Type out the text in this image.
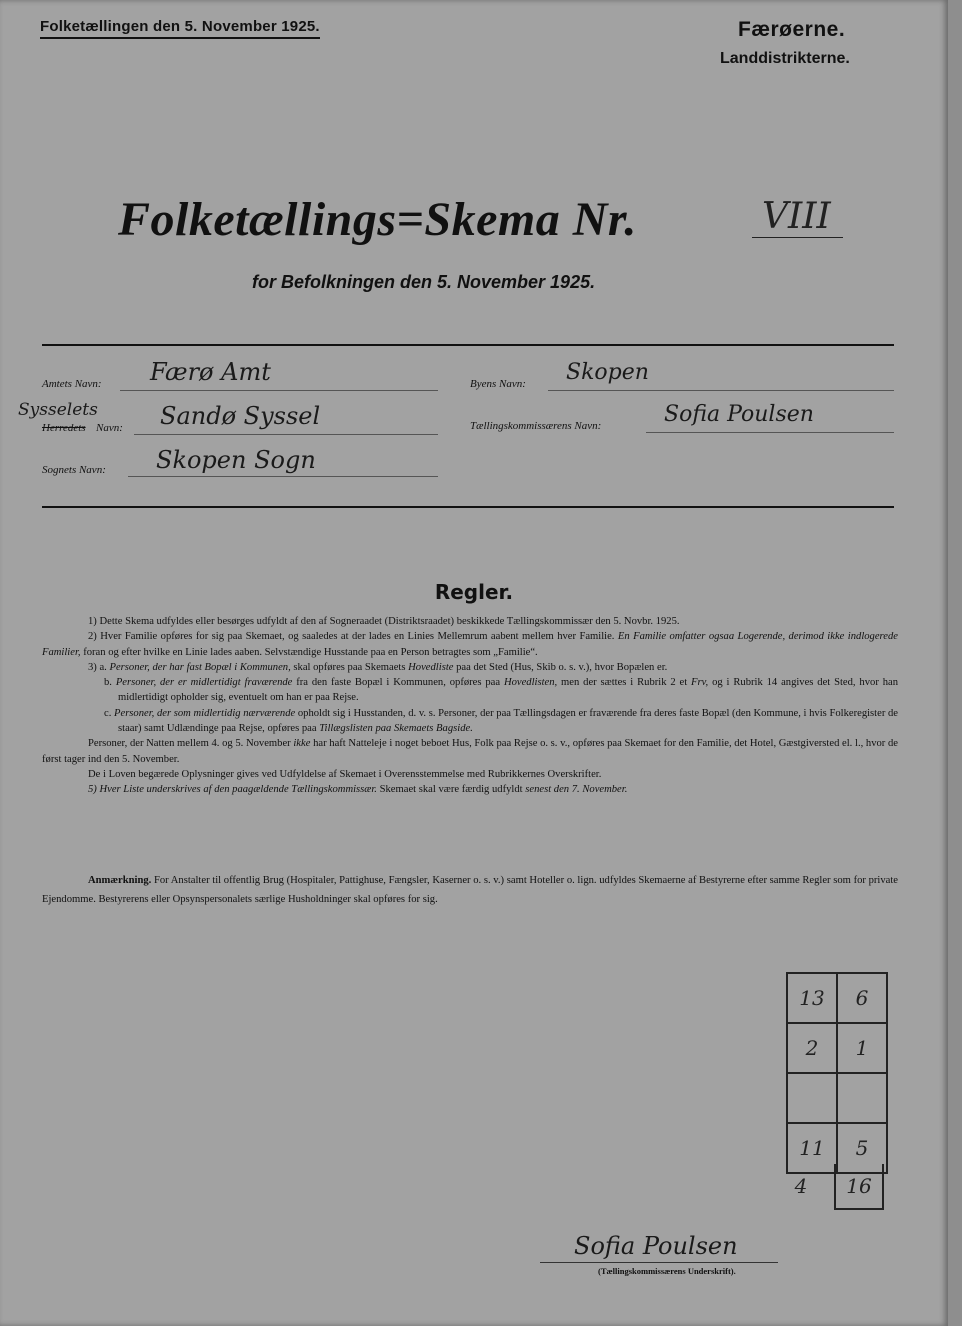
Folketællingen den 5. November 1925.	Færøerne.
Landdistrikterne.
Folketællings=Skema Nr.	VIII
for Befolkningen den 5. November 1925.
Amtets Navn: Færø Amt
Sysselets
Herredets Navn: Sandø Syssel
Sognets Navn: Skopen Sogn
Byens Navn: Skopen
Tællingskommissærens Navn:	Sofia Poulsen
Regler.

1) Dette Skema udfyldes eller besørges udfyldt af den af Sogneraadet (Distriktsraadet) beskikkede Tællingskommissær den 5. Novbr. 1925.

2) Hver Familie opføres for sig paa Skemaet, og saaledes at der lades en Linies Mellemrum aabent mellem hver Familie. En Familie omfatter ogsaa Logerende, derimod ikke indlogerede Familier, foran og efter hvilke en Linie lades aaben. Selvstændige Husstande paa en Person betragtes som „Familie“.

3) a. Personer, der har fast Bopæl i Kommunen, skal opføres paa Skemaets Hovedliste paa det Sted (Hus, Skib o. s. v.), hvor Bopælen er.

b. Personer, der er midlertidigt fraværende fra den faste Bopæl i Kommunen, opføres paa Hovedlisten, men der sættes i Rubrik 2 et Frv, og i Rubrik 14 angives det Sted, hvor han midlertidigt opholder sig, eventuelt om han er paa Rejse.

c. Personer, der som midlertidig nærværende opholdt sig i Husstanden, d. v. s. Personer, der paa Tællingsdagen er fraværende fra deres faste Bopæl (den Kommune, i hvis Folkeregister de staar) samt Udlændinge paa Rejse, opføres paa Tillægslisten paa Skemaets Bagside.

Personer, der Natten mellem 4. og 5. November ikke har haft Natteleje i noget beboet Hus, Folk paa Rejse o. s. v., opføres paa Skemaet for den Familie, det Hotel, Gæstgiversted el. l., hvor de først tager ind den 5. November.

De i Loven begærede Oplysninger gives ved Udfyldelse af Skemaet i Overensstemmelse med Rubrikkernes Overskrifter.

5) Hver Liste underskrives af den paagældende Tællingskommissær. Skemaet skal være færdig udfyldt senest den 7. November.

Anmærkning. For Anstalter til offentlig Brug (Hospitaler, Pattighuse, Fængsler, Kaserner o. s. v.) samt Hoteller o. lign. udfyldes Skemaerne af Bestyrerne efter samme Regler som for private Ejendomme. Bestyrerens eller Opsynspersonalets særlige Husholdninger skal opføres for sig.
13	6
2	1

11	5
4	16
Sofia Poulsen
(Tællingskommissærens Underskrift).
